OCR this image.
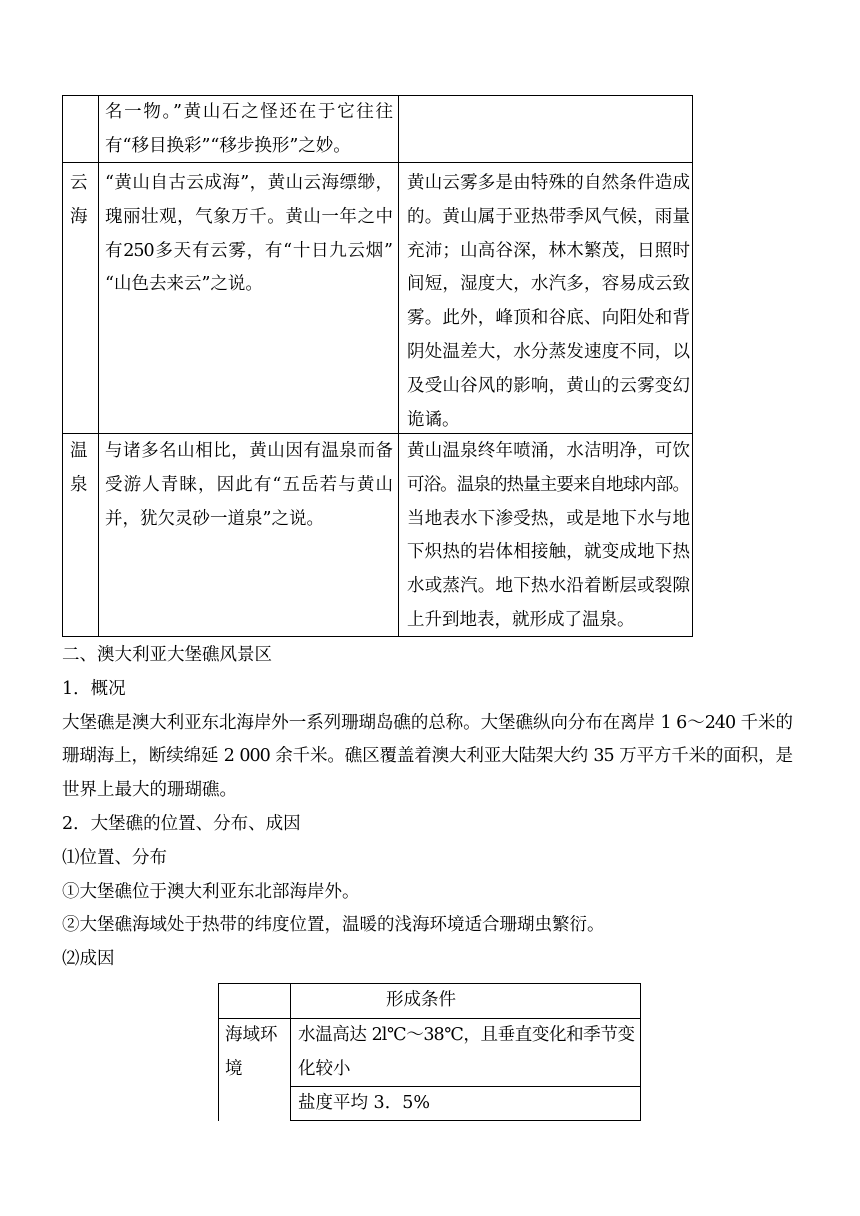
名一物。”黄山石之怪还在于它往往
有“移目换彩”“移步换形”之妙。
云海
“黄山自古云成海”，黄山云海缥缈，
瑰丽壮观，气象万千。黄山一年之中
有250多天有云雾，有“十日九云烟”
“山色去来云”之说。
黄山云雾多是由特殊的自然条件造成
的。黄山属于亚热带季风气候，雨量
充沛；山高谷深，林木繁茂，日照时
间短，湿度大，水汽多，容易成云致
雾。此外，峰顶和谷底、向阳处和背
阴处温差大，水分蒸发速度不同，以
及受山谷风的影响，黄山的云雾变幻
诡谲。
温泉
与诸多名山相比，黄山因有温泉而备
受游人青睐，因此有“五岳若与黄山
并，犹欠灵砂一道泉”之说。
黄山温泉终年喷涌，水洁明净，可饮
可浴。温泉的热量主要来自地球内部。
当地表水下渗受热，或是地下水与地
下炽热的岩体相接触，就变成地下热
水或蒸汽。地下热水沿着断层或裂隙
上升到地表，就形成了温泉。
二、澳大利亚大堡礁风景区
1．概况
大堡礁是澳大利亚东北海岸外一系列珊瑚岛礁的总称。大堡礁纵向分布在离岸 1 6～240 千米的
珊瑚海上，断续绵延 2 000 余千米。礁区覆盖着澳大利亚大陆架大约 35 万平方千米的面积，是
世界上最大的珊瑚礁。
2．大堡礁的位置、分布、成因
⑴位置、分布
①大堡礁位于澳大利亚东北部海岸外。
②大堡礁海域处于热带的纬度位置，温暖的浅海环境适合珊瑚虫繁衍。
⑵成因
形成条件
海域环境
水温高达 2l℃～38℃，且垂直变化和季节变
化较小
盐度平均 3．5%
